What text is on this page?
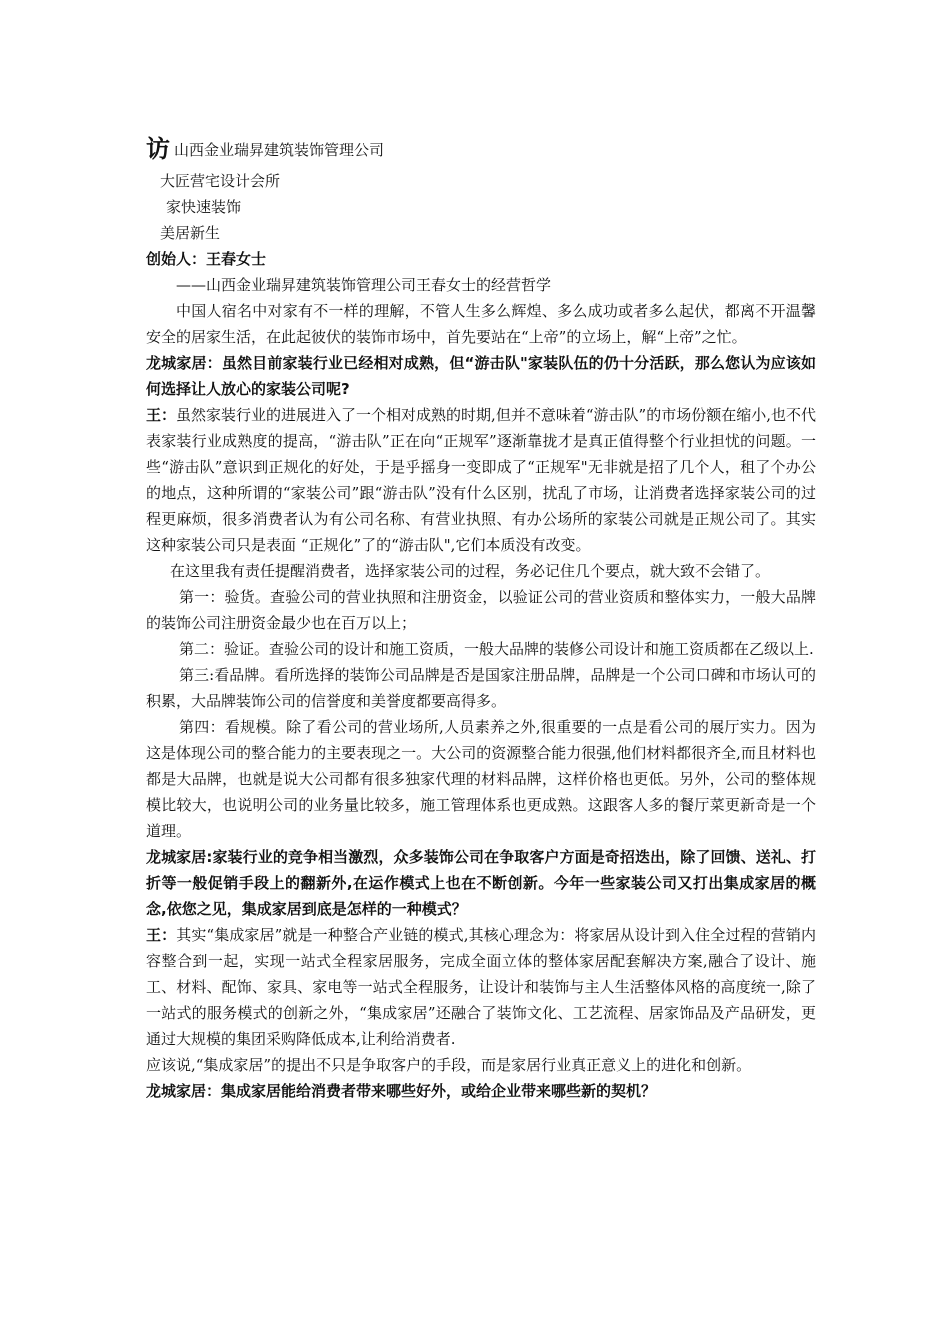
访山西金业瑞昇建筑装饰管理公司
大匠营宅设计会所
家快速装饰
美居新生
创始人：王春女士
——山西金业瑞昇建筑装饰管理公司王春女士的经营哲学

中国人宿名中对家有不一样的理解，不管人生多么辉煌、多么成功或者多么起伏，都离不开温馨安全的居家生活，在此起彼伏的装饰市场中，首先要站在“上帝”的立场上，解“上帝”之忙。

龙城家居：虽然目前家装行业已经相对成熟，但“游击队"家装队伍的仍十分活跃，那么您认为应该如何选择让人放心的家装公司呢?

王：虽然家装行业的进展进入了一个相对成熟的时期,但并不意味着“游击队”的市场份额在缩小,也不代表家装行业成熟度的提高，“游击队”正在向“正规军”逐渐靠拢才是真正值得整个行业担忧的问题。一些“游击队”意识到正规化的好处，于是乎摇身一变即成了“正规军"无非就是招了几个人，租了个办公的地点，这种所谓的“家装公司”跟“游击队”没有什么区别，扰乱了市场，让消费者选择家装公司的过程更麻烦，很多消费者认为有公司名称、有营业执照、有办公场所的家装公司就是正规公司了。其实这种家装公司只是表面 “正规化”了的“游击队",它们本质没有改变。

在这里我有责任提醒消费者，选择家装公司的过程，务必记住几个要点，就大致不会错了。

第一：验货。查验公司的营业执照和注册资金，以验证公司的营业资质和整体实力，一般大品牌的装饰公司注册资金最少也在百万以上；

第二：验证。查验公司的设计和施工资质，一般大品牌的装修公司设计和施工资质都在乙级以上.

第三:看品牌。看所选择的装饰公司品牌是否是国家注册品牌，品牌是一个公司口碑和市场认可的积累，大品牌装饰公司的信誉度和美誉度都要高得多。

第四：看规模。除了看公司的营业场所,人员素养之外,很重要的一点是看公司的展厅实力。因为这是体现公司的整合能力的主要表现之一。大公司的资源整合能力很强,他们材料都很齐全,而且材料也都是大品牌，也就是说大公司都有很多独家代理的材料品牌，这样价格也更低。另外，公司的整体规模比较大，也说明公司的业务量比较多，施工管理体系也更成熟。这跟客人多的餐厅菜更新奇是一个道理。

龙城家居:家装行业的竞争相当激烈，众多装饰公司在争取客户方面是奇招迭出，除了回馈、送礼、打折等一般促销手段上的翻新外,在运作模式上也在不断创新。今年一些家装公司又打出集成家居的概念,依您之见，集成家居到底是怎样的一种模式？

王：其实“集成家居”就是一种整合产业链的模式,其核心理念为：将家居从设计到入住全过程的营销内容整合到一起，实现一站式全程家居服务，完成全面立体的整体家居配套解决方案,融合了设计、施工、材料、配饰、家具、家电等一站式全程服务，让设计和装饰与主人生活整体风格的高度统一,除了一站式的服务模式的创新之外，“集成家居”还融合了装饰文化、工艺流程、居家饰品及产品研发，更通过大规模的集团采购降低成本,让利给消费者.

应该说,“集成家居”的提出不只是争取客户的手段，而是家居行业真正意义上的进化和创新。

龙城家居：集成家居能给消费者带来哪些好外，或给企业带来哪些新的契机？
